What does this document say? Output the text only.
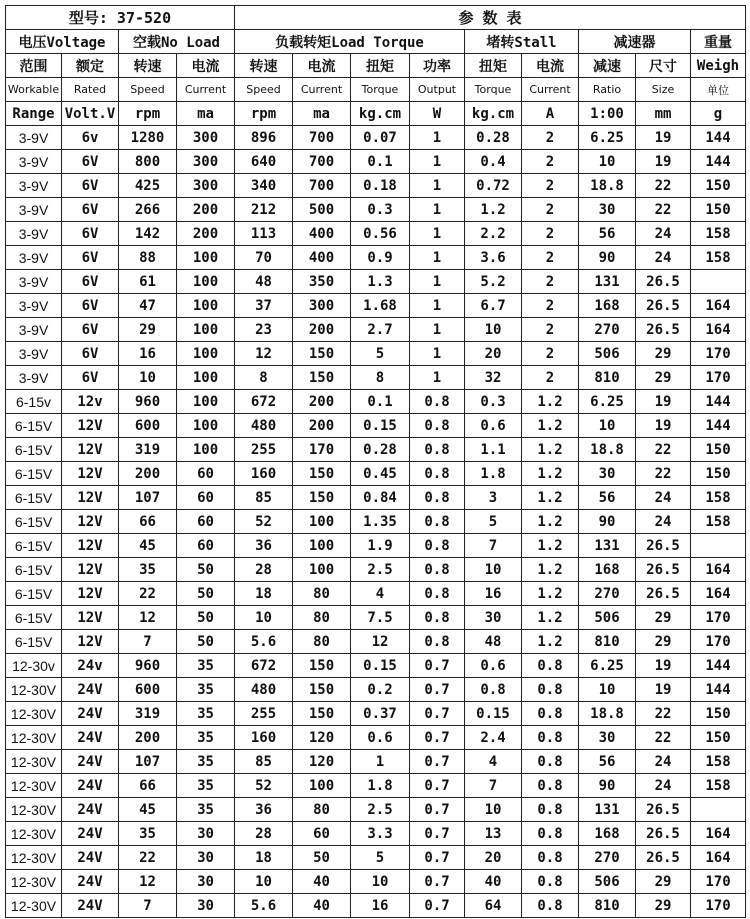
型号: 37-520				参 数 表								
电压Voltage		空载No Load		负载转矩Load Torque				堵转Stall		减速器		重量
范围	额定	转速	电流	转速	电流	扭矩	功率	扭矩	电流	减速	尺寸	Weigh
Workable	Rated	Speed	Current	Speed	Current	Torque	Output	Torque	Current	Ratio	Size	单位
Range	Volt.V	rpm	ma	rpm	ma	kg.cm	W	kg.cm	A	1:00	mm	g
3-9V	6v	1280	300	896	700	0.07	1	0.28	2	6.25	19	144
3-9V	6V	800	300	640	700	0.1	1	0.4	2	10	19	144
3-9V	6V	425	300	340	700	0.18	1	0.72	2	18.8	22	150
3-9V	6V	266	200	212	500	0.3	1	1.2	2	30	22	150
3-9V	6V	142	200	113	400	0.56	1	2.2	2	56	24	158
3-9V	6V	88	100	70	400	0.9	1	3.6	2	90	24	158
3-9V	6V	61	100	48	350	1.3	1	5.2	2	131	26.5	
3-9V	6V	47	100	37	300	1.68	1	6.7	2	168	26.5	164
3-9V	6V	29	100	23	200	2.7	1	10	2	270	26.5	164
3-9V	6V	16	100	12	150	5	1	20	2	506	29	170
3-9V	6V	10	100	8	150	8	1	32	2	810	29	170
6-15v	12v	960	100	672	200	0.1	0.8	0.3	1.2	6.25	19	144
6-15V	12V	600	100	480	200	0.15	0.8	0.6	1.2	10	19	144
6-15V	12V	319	100	255	170	0.28	0.8	1.1	1.2	18.8	22	150
6-15V	12V	200	60	160	150	0.45	0.8	1.8	1.2	30	22	150
6-15V	12V	107	60	85	150	0.84	0.8	3	1.2	56	24	158
6-15V	12V	66	60	52	100	1.35	0.8	5	1.2	90	24	158
6-15V	12V	45	60	36	100	1.9	0.8	7	1.2	131	26.5	
6-15V	12V	35	50	28	100	2.5	0.8	10	1.2	168	26.5	164
6-15V	12V	22	50	18	80	4	0.8	16	1.2	270	26.5	164
6-15V	12V	12	50	10	80	7.5	0.8	30	1.2	506	29	170
6-15V	12V	7	50	5.6	80	12	0.8	48	1.2	810	29	170
12-30v	24v	960	35	672	150	0.15	0.7	0.6	0.8	6.25	19	144
12-30V	24V	600	35	480	150	0.2	0.7	0.8	0.8	10	19	144
12-30V	24V	319	35	255	150	0.37	0.7	0.15	0.8	18.8	22	150
12-30V	24V	200	35	160	120	0.6	0.7	2.4	0.8	30	22	150
12-30V	24V	107	35	85	120	1	0.7	4	0.8	56	24	158
12-30V	24V	66	35	52	100	1.8	0.7	7	0.8	90	24	158
12-30V	24V	45	35	36	80	2.5	0.7	10	0.8	131	26.5	
12-30V	24V	35	30	28	60	3.3	0.7	13	0.8	168	26.5	164
12-30V	24V	22	30	18	50	5	0.7	20	0.8	270	26.5	164
12-30V	24V	12	30	10	40	10	0.7	40	0.8	506	29	170
12-30V	24V	7	30	5.6	40	16	0.7	64	0.8	810	29	170
